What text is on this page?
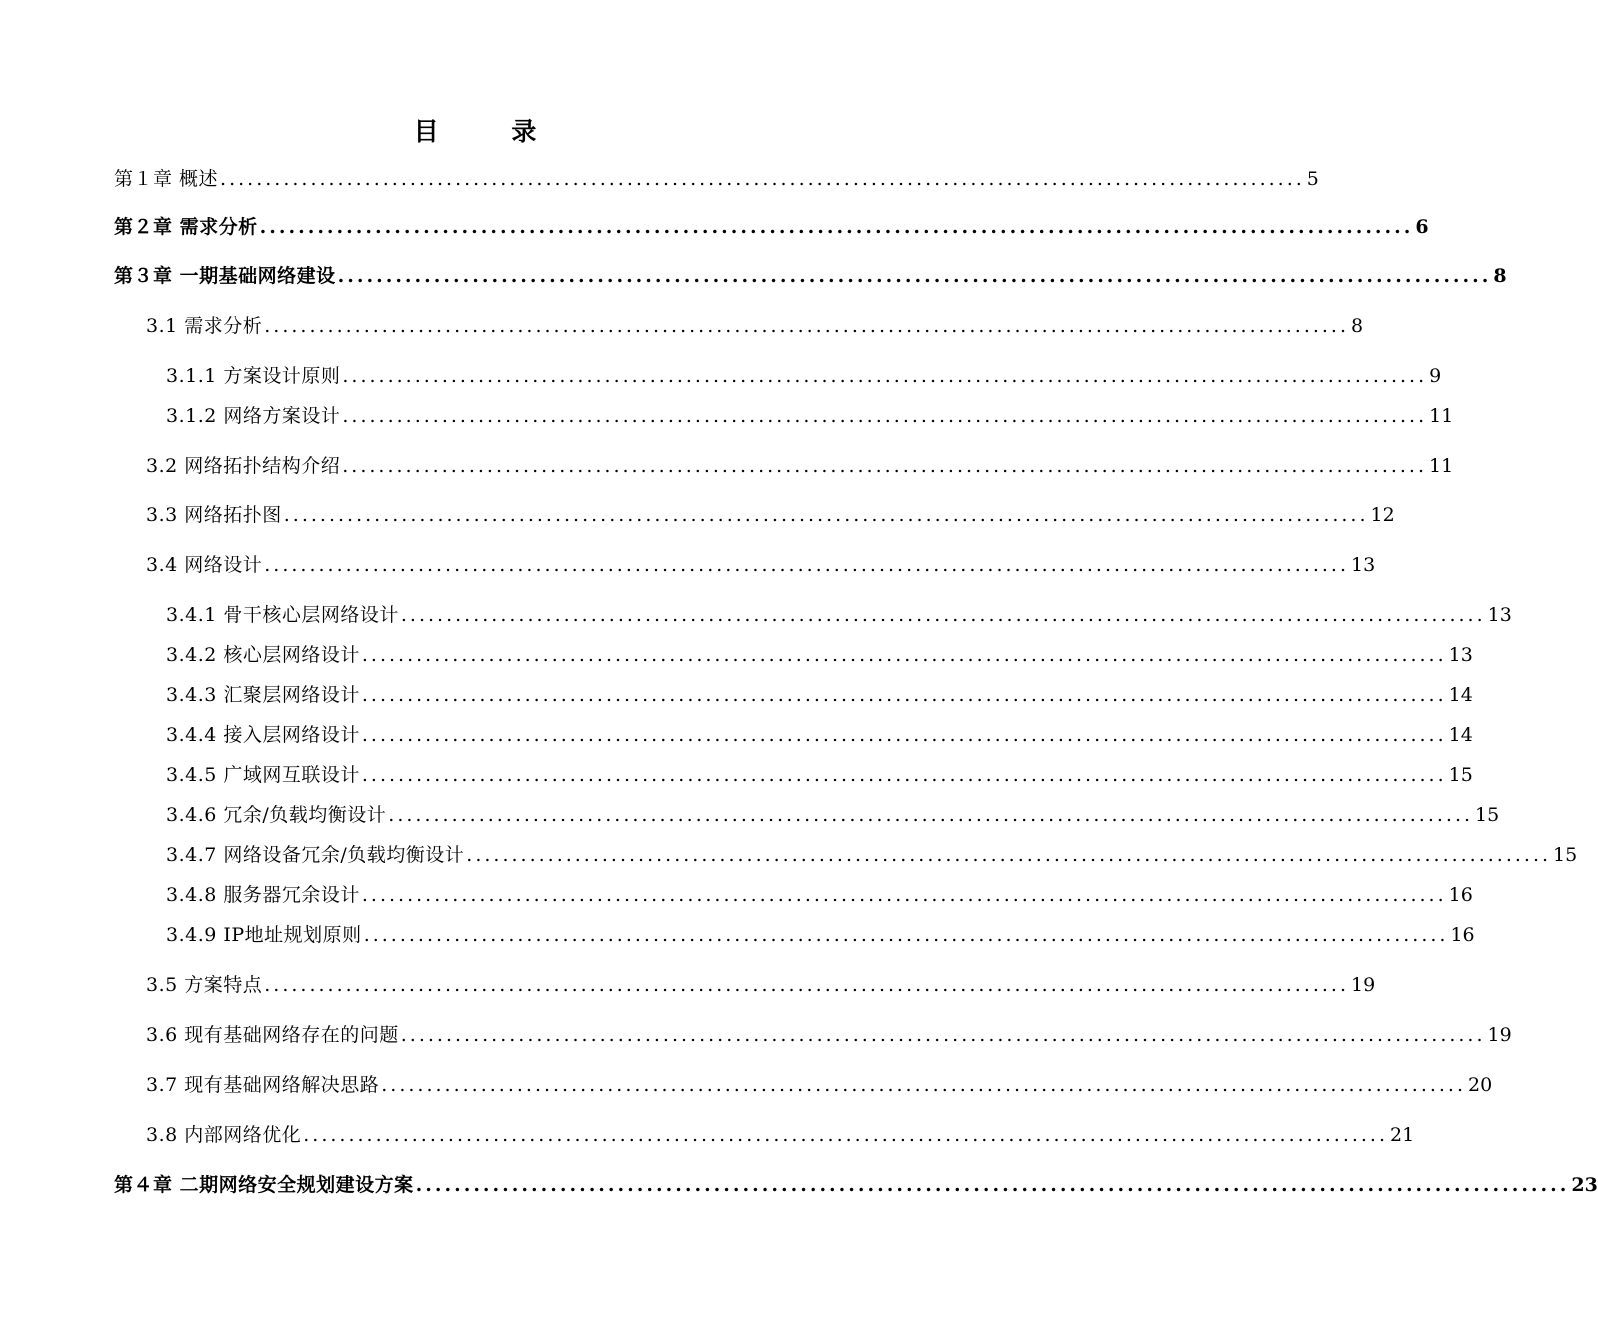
目 录
第１章 概述 ........................................................................................................................ 5
第２章 需求分析 ........................................................................................................................ 6
第３章 一期基础网络建设 ........................................................................................................................ 8
3.1 需求分析 ........................................................................................................................ 8
3.1.1 方案设计原则 ........................................................................................................................ 9
3.1.2 网络方案设计 ........................................................................................................................ 11
3.2 网络拓扑结构介绍 ........................................................................................................................ 11
3.3 网络拓扑图 ........................................................................................................................ 12
3.4 网络设计 ........................................................................................................................ 13
3.4.1 骨干核心层网络设计 ........................................................................................................................ 13
3.4.2 核心层网络设计 ........................................................................................................................ 13
3.4.3 汇聚层网络设计 ........................................................................................................................ 14
3.4.4 接入层网络设计 ........................................................................................................................ 14
3.4.5 广域网互联设计 ........................................................................................................................ 15
3.4.6 冗余/负载均衡设计 ........................................................................................................................ 15
3.4.7 网络设备冗余/负载均衡设计 ........................................................................................................................ 15
3.4.8 服务器冗余设计 ........................................................................................................................ 16
3.4.9 IP地址规划原则 ........................................................................................................................ 16
3.5 方案特点 ........................................................................................................................ 19
3.6 现有基础网络存在的问题 ........................................................................................................................ 19
3.7 现有基础网络解决思路 ........................................................................................................................ 20
3.8 内部网络优化 ........................................................................................................................ 21
第４章 二期网络安全规划建设方案 ........................................................................................................................ 23
